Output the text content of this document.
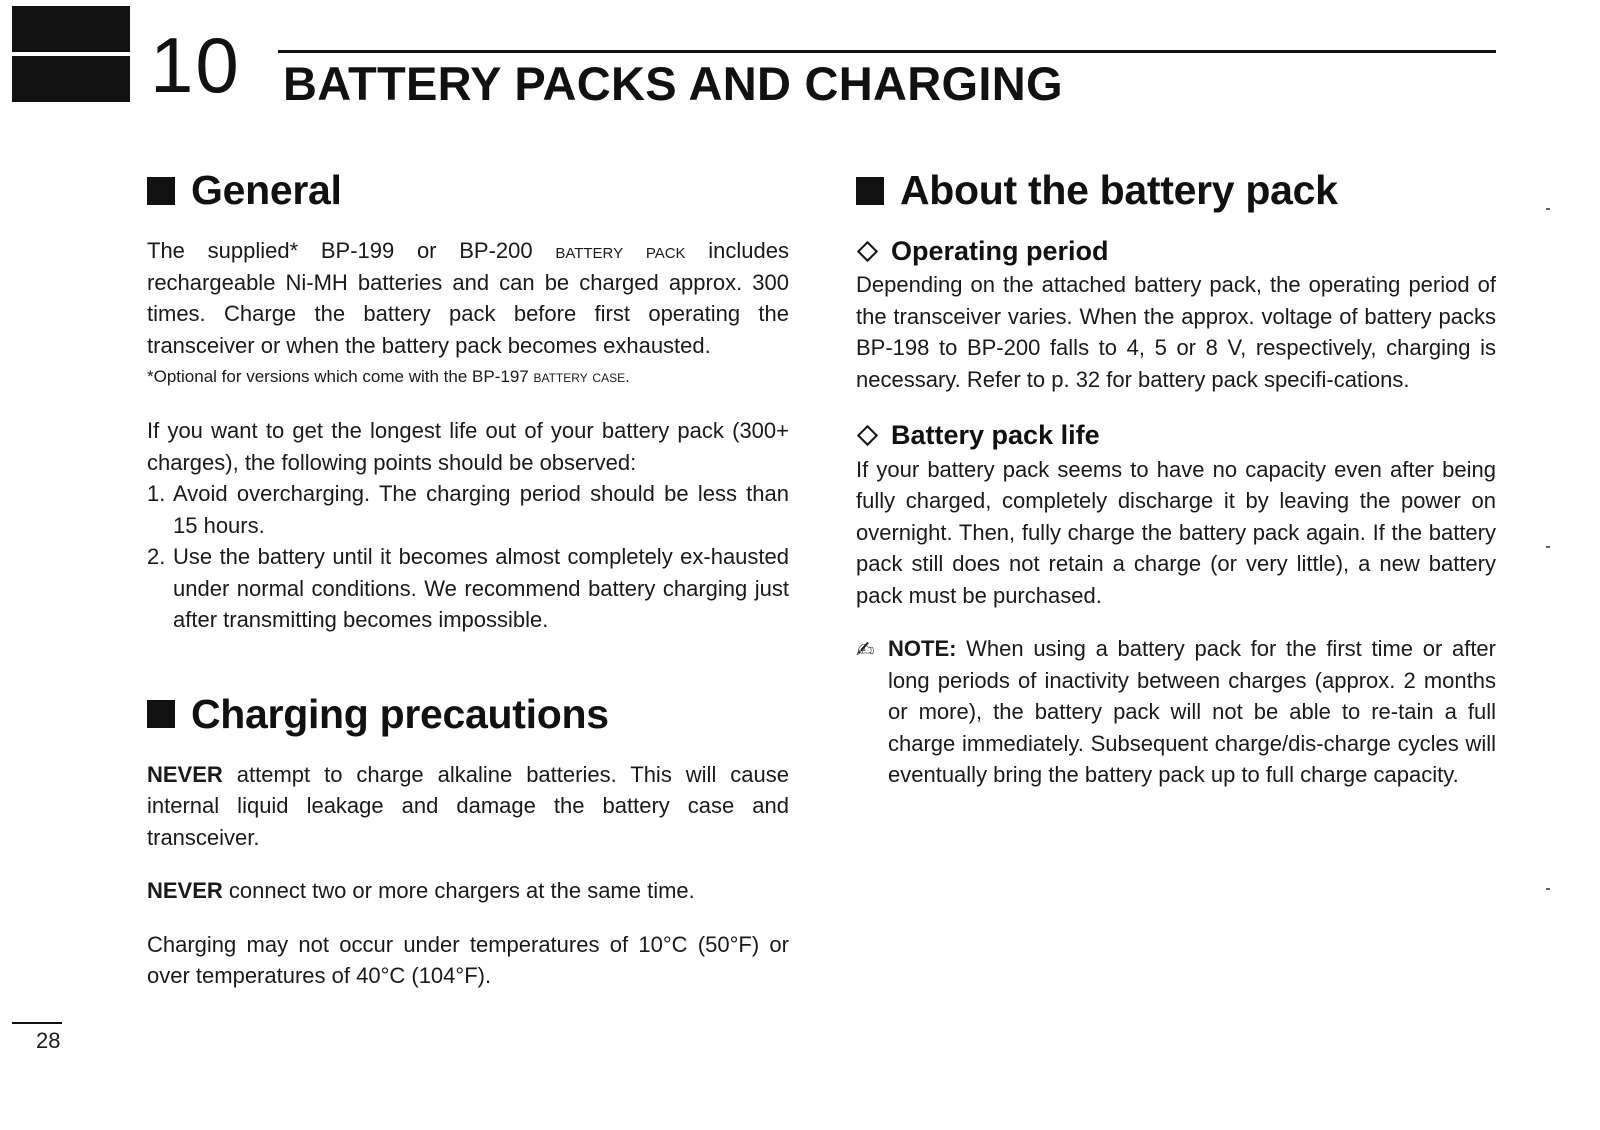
10 BATTERY PACKS AND CHARGING
General

The supplied* BP-199 or BP-200 battery pack includes rechargeable Ni-MH batteries and can be charged approx. 300 times. Charge the battery pack before first operating the transceiver or when the battery pack becomes exhausted.

*Optional for versions which come with the BP-197 battery case.

If you want to get the longest life out of your battery pack (300+ charges), the following points should be observed:

1. Avoid overcharging. The charging period should be less than 15 hours.
2. Use the battery until it becomes almost completely ex-hausted under normal conditions. We recommend battery charging just after transmitting becomes impossible.
Charging precautions

NEVER attempt to charge alkaline batteries. This will cause internal liquid leakage and damage the battery case and transceiver.

NEVER connect two or more chargers at the same time.

Charging may not occur under temperatures of 10°C (50°F) or over temperatures of 40°C (104°F).

About the battery pack
Operating period

Depending on the attached battery pack, the operating period of the transceiver varies. When the approx. voltage of battery packs BP-198 to BP-200 falls to 4, 5 or 8 V, respectively, charging is necessary. Refer to p. 32 for battery pack specifi-cations.

Battery pack life

If your battery pack seems to have no capacity even after being fully charged, completely discharge it by leaving the power on overnight. Then, fully charge the battery pack again. If the battery pack still does not retain a charge (or very little), a new battery pack must be purchased.

✍ NOTE: When using a battery pack for the first time or after long periods of inactivity between charges (approx. 2 months or more), the battery pack will not be able to re-tain a full charge immediately. Subsequent charge/dis-charge cycles will eventually bring the battery pack up to full charge capacity.
28
